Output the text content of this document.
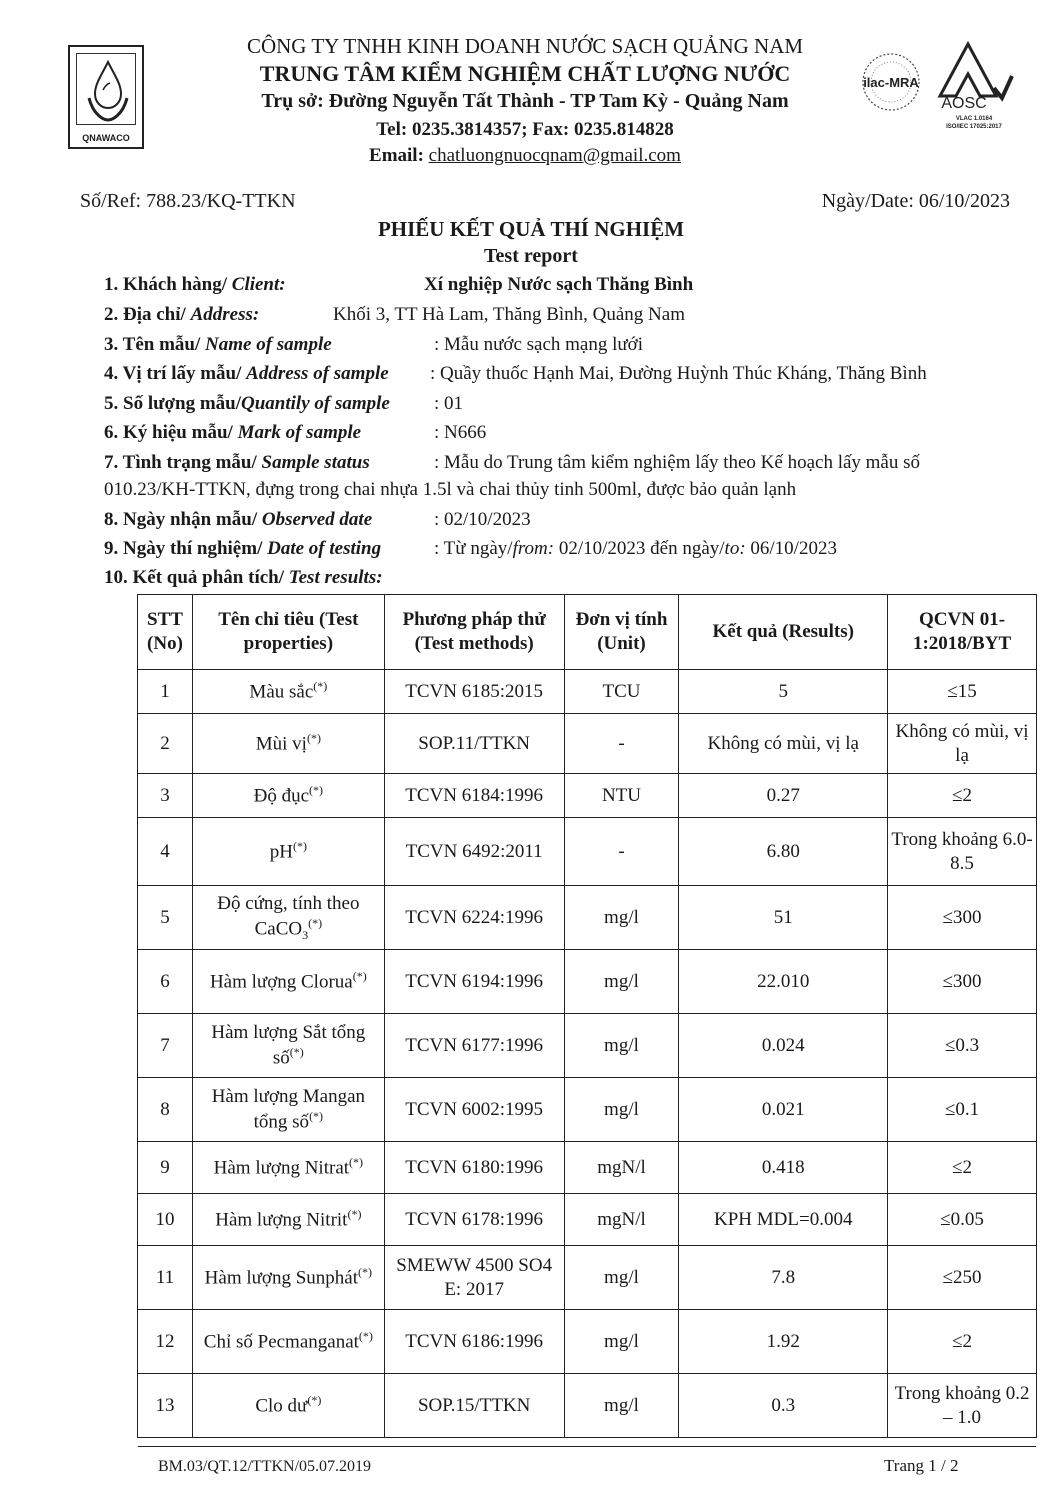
QNAWACO
CÔNG TY TNHH KINH DOANH NƯỚC SẠCH QUẢNG NAM
TRUNG TÂM KIỂM NGHIỆM CHẤT LƯỢNG NƯỚC
Trụ sở: Đường Nguyễn Tất Thành - TP Tam Kỳ - Quảng Nam
Tel: 0235.3814357; Fax: 0235.814828
Email: chatluongnuocqnam@gmail.com
ilac-MRA
AOSC
VLAC 1.0164
ISO/IEC 17025:2017
Số/Ref: 788.23/KQ-TTKN	Ngày/Date: 06/10/2023
PHIẾU KẾT QUẢ THÍ NGHIỆM
Test report
1. Khách hàng/ Client:	Xí nghiệp Nước sạch Thăng Bình
2. Địa chỉ/ Address:	Khối 3, TT Hà Lam, Thăng Bình, Quảng Nam
3. Tên mẫu/ Name of sample	: Mẫu nước sạch mạng lưới
4. Vị trí lấy mẫu/ Address of sample : Quầy thuốc Hạnh Mai, Đường Huỳnh Thúc Kháng, Thăng Bình
5. Số lượng mẫu/Quantily of sample : 01
6. Ký hiệu mẫu/ Mark of sample	: N666
7. Tình trạng mẫu/ Sample status	: Mẫu do Trung tâm kiểm nghiệm lấy theo Kế hoạch lấy mẫu số
010.23/KH-TTKN, đựng trong chai nhựa 1.5l và chai thủy tinh 500ml, được bảo quản lạnh
8. Ngày nhận mẫu/ Observed date	: 02/10/2023
9. Ngày thí nghiệm/ Date of testing	: Từ ngày/from: 02/10/2023 đến ngày/to: 06/10/2023
10. Kết quả phân tích/ Test results:
STT (No)	Tên chỉ tiêu (Test properties)	Phương pháp thử (Test methods)	Đơn vị tính (Unit)	Kết quả (Results)	QCVN 01-1:2018/BYT
1	Màu sắc(*)	TCVN 6185:2015	TCU	5	≤15
2	Mùi vị(*)	SOP.11/TTKN	-	Không có mùi, vị lạ	Không có mùi, vị lạ
3	Độ đục(*)	TCVN 6184:1996	NTU	0.27	≤2
4	pH(*)	TCVN 6492:2011	-	6.80	Trong khoảng 6.0-8.5
5	Độ cứng, tính theo CaCO$_3$(*)	TCVN 6224:1996	mg/l	51	≤300
6	Hàm lượng Clorua(*)	TCVN 6194:1996	mg/l	22.010	≤300
7	Hàm lượng Sắt tổng số(*)	TCVN 6177:1996	mg/l	0.024	≤0.3
8	Hàm lượng Mangan tổng số(*)	TCVN 6002:1995	mg/l	0.021	≤0.1
9	Hàm lượng Nitrat(*)	TCVN 6180:1996	mgN/l	0.418	≤2
10	Hàm lượng Nitrit(*)	TCVN 6178:1996	mgN/l	KPH MDL=0.004	≤0.05
11	Hàm lượng Sunphát(*)	SMEWW 4500 SO4 E: 2017	mg/l	7.8	≤250
12	Chỉ số Pecmanganat(*)	TCVN 6186:1996	mg/l	1.92	≤2
13	Clo dư(*)	SOP.15/TTKN	mg/l	0.3	Trong khoảng 0.2 – 1.0
BM.03/QT.12/TTKN/05.07.2019	Trang 1 / 2
